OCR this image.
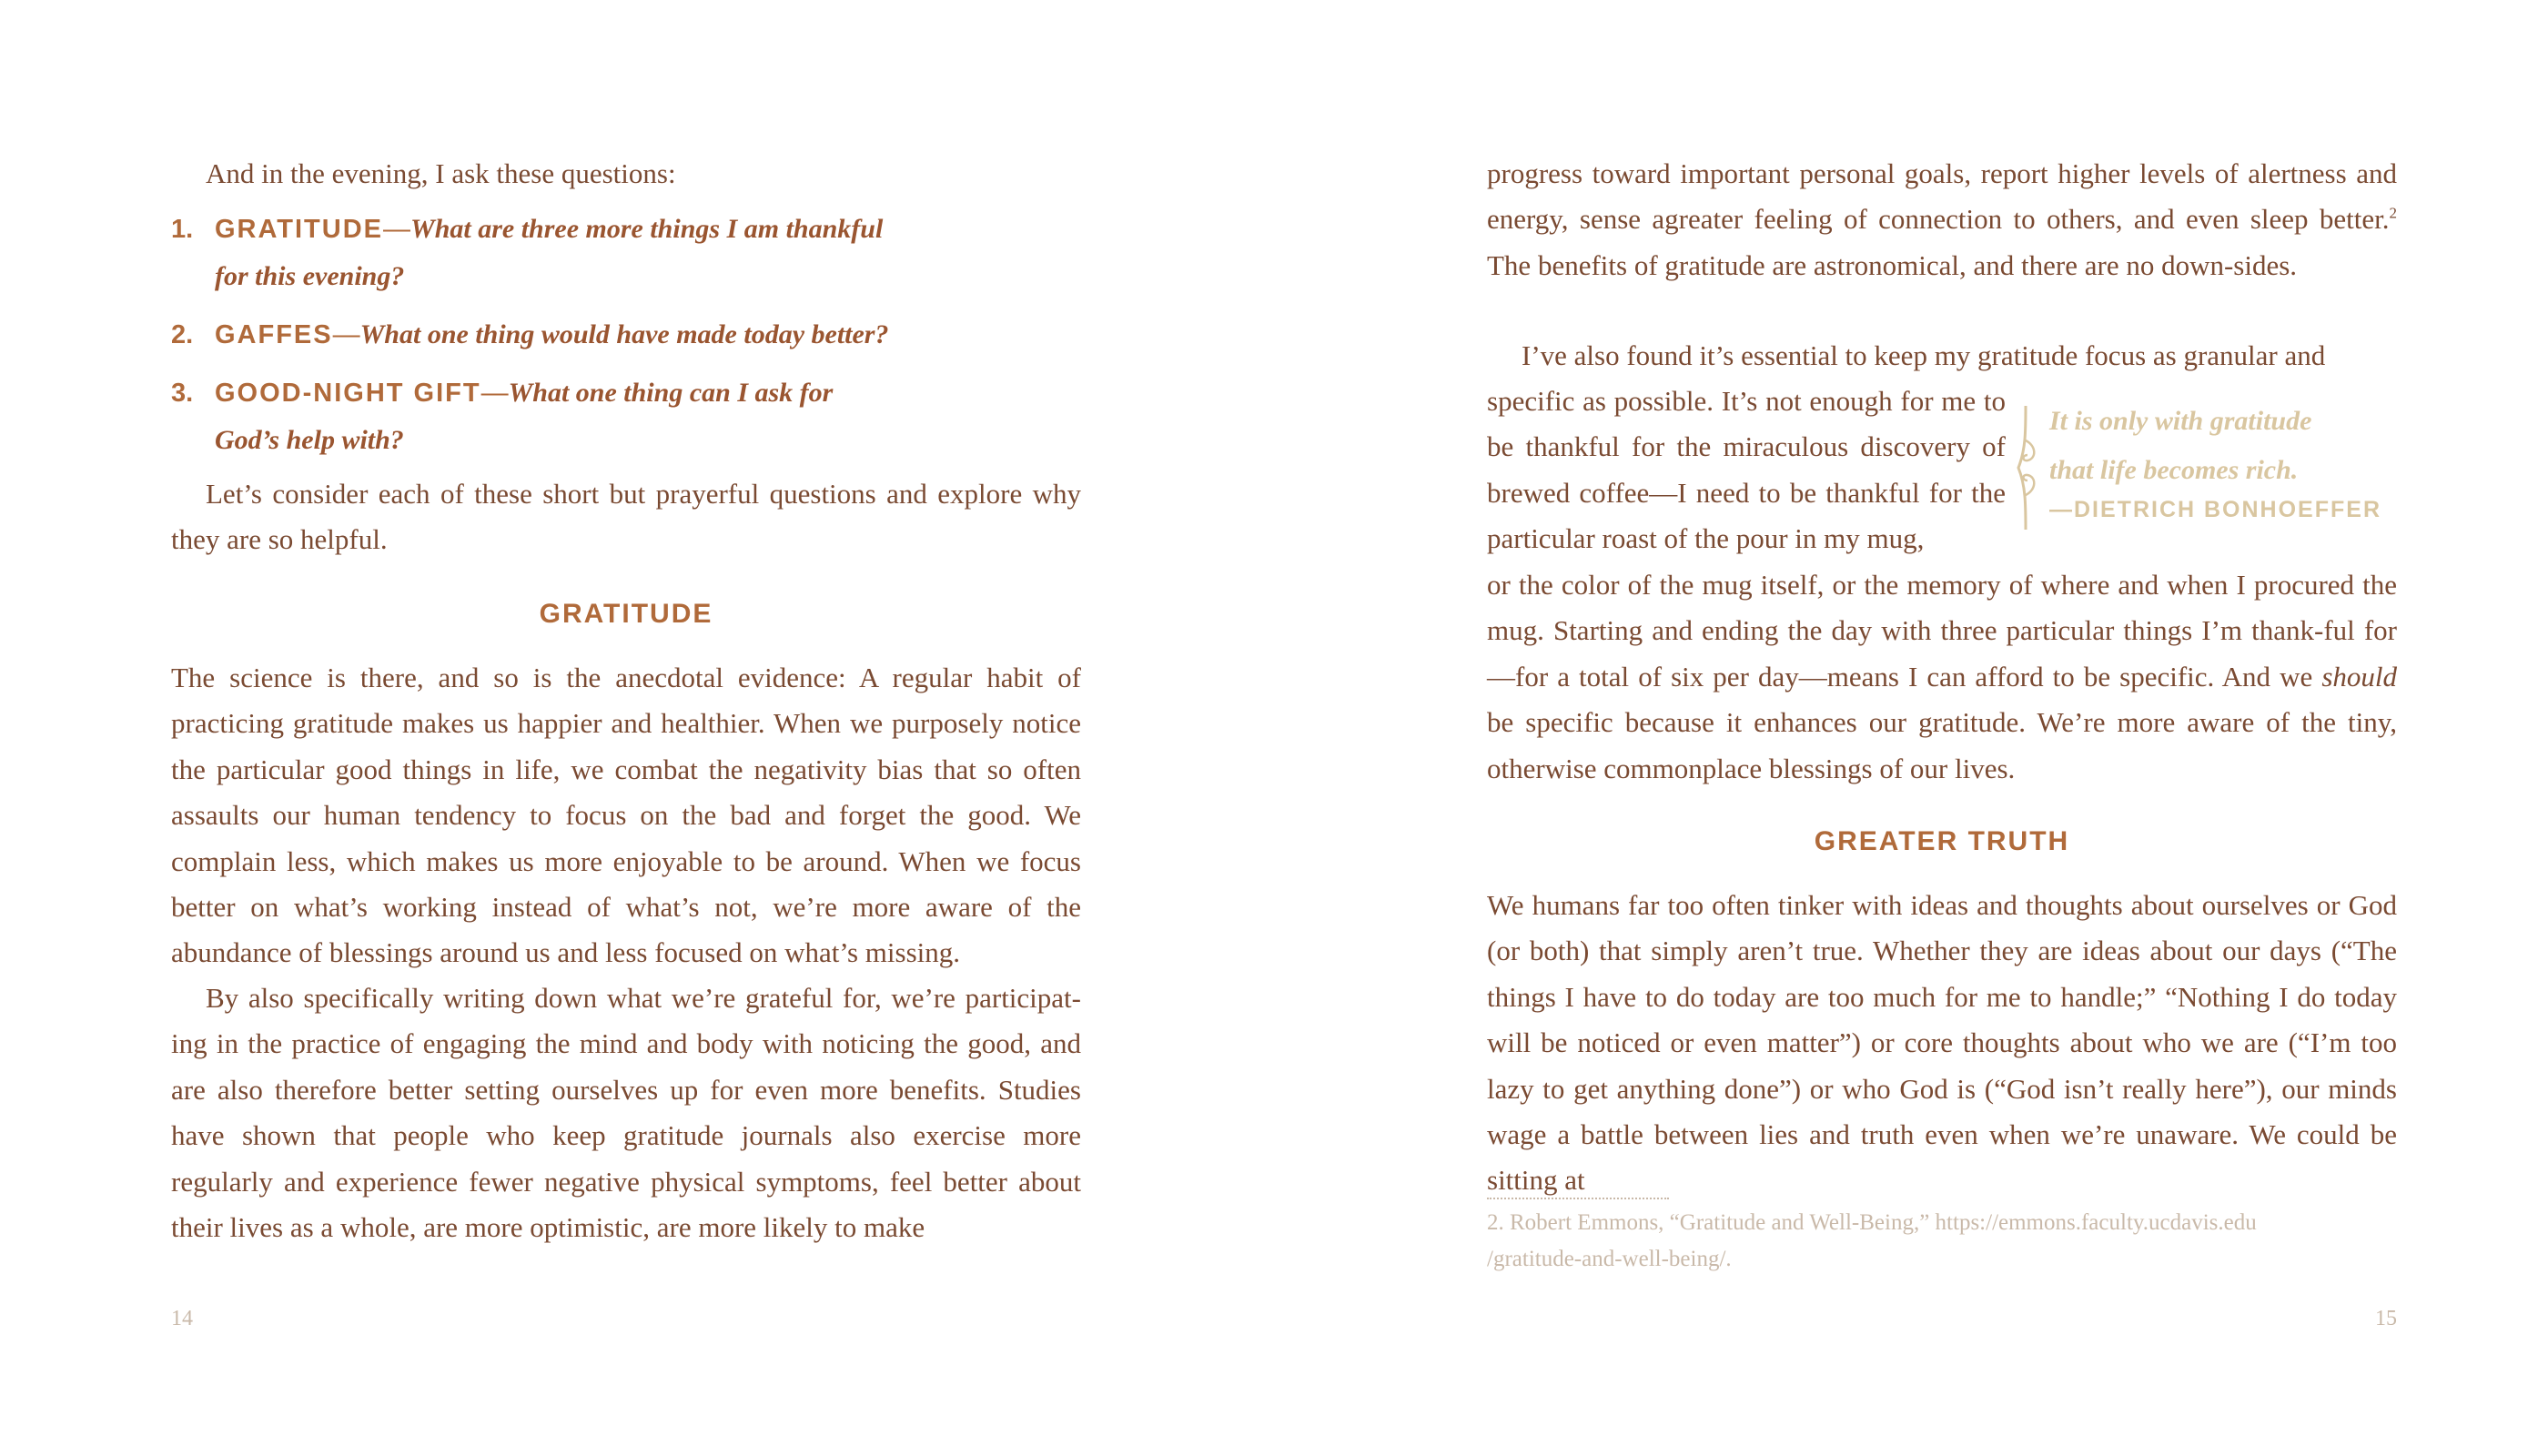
And in the evening, I ask these questions:

1. GRATITUDE—What are three more things I am thankful
for this evening?
2. GAFFES—What one thing would have made today better?
3. GOOD-NIGHT GIFT—What one thing can I ask for
God’s help with?

Let’s consider each of these short but prayerful questions and explore why they are so helpful.

GRATITUDE

The science is there, and so is the anecdotal evidence: A regular habit of practicing gratitude makes us happier and healthier. When we purposely notice the particular good things in life, we combat the negativity bias that so often assaults our human tendency to focus on the bad and forget the good. We complain less, which makes us more enjoyable to be around. When we focus better on what’s working instead of what’s not, we’re more aware of the abundance of blessings around us and less focused on what’s missing.

By also specifically writing down what we’re grateful for, we’re participat-ing in the practice of engaging the mind and body with noticing the good, and are also therefore better setting ourselves up for even more benefits. Studies have shown that people who keep gratitude journals also exercise more regularly and experience fewer negative physical symptoms, feel better about their lives as a whole, are more optimistic, are more likely to make

14

progress toward important personal goals, report higher levels of alertness and energy, sense agreater feeling of connection to others, and even sleep better.$^2$ The benefits of gratitude are astronomical, and there are no down-sides.

I’ve also found it’s essential to keep my gratitude focus as granular and

specific as possible. It’s not enough for me to be thankful for the miraculous discovery of brewed coffee—I need to be thankful for the particular roast of the pour in my mug,

It is only with gratitude
that life becomes rich.

—DIETRICH BONHOEFFER

or the color of the mug itself, or the memory of where and when I procured the mug. Starting and ending the day with three particular things I’m thank-ful for—for a total of six per day—means I can afford to be specific. And we should be specific because it enhances our gratitude. We’re more aware of the tiny, otherwise commonplace blessings of our lives.

GREATER TRUTH

We humans far too often tinker with ideas and thoughts about ourselves or God (or both) that simply aren’t true. Whether they are ideas about our days (“The things I have to do today are too much for me to handle;” “Nothing I do today will be noticed or even matter”) or core thoughts about who we are (“I’m too lazy to get anything done”) or who God is (“God isn’t really here”), our minds wage a battle between lies and truth even when we’re unaware. We could be sitting at

2. Robert Emmons, “Gratitude and Well-Being,” https://emmons.faculty.ucdavis.edu
/gratitude-and-well-being/.

15
